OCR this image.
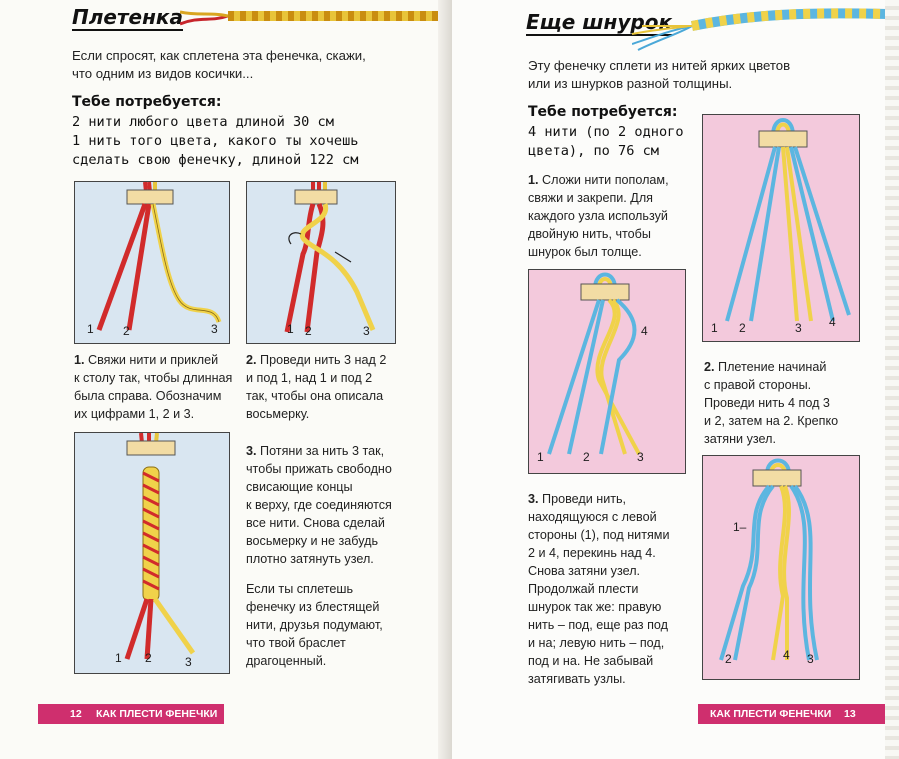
Плетенка
Если спросят, как сплетена эта фенечка, скажи,
что одним из видов косички...
Тебе потребуется:
2 нити любого цвета длиной 30 см
1 нить того цвета, какого ты хочешь
сделать свою фенечку, длиной 122 см
1 2	3	1 2	3
1. Свяжи нити и приклей
к столу так, чтобы длинная
была справа. Обозначим
их цифрами 1, 2 и 3.
2. Проведи нить 3 над 2
и под 1, над 1 и под 2
так, чтобы она описала
восьмерку.
1 2	3
3. Потяни за нить 3 так,
чтобы прижать свободно
свисающие концы
к верху, где соединяются
все нити. Снова сделай
восьмерку и не забудь
плотно затянуть узел.
Если ты сплетешь
фенечку из блестящей
нити, друзья подумают,
что твой браслет
драгоценный.
12 КАК ПЛЕСТИ ФЕНЕЧКИ
Еще шнурок
Эту фенечку сплети из нитей ярких цветов
или из шнурков разной толщины.
Тебе потребуется:
4 нити (по 2 одного
цвета), по 76 см
1. Сложи нити пополам,
свяжи и закрепи. Для
каждого узла используй
двойную нить, чтобы
шнурок был толще.
1 2	3 4
1	2	3
4
2. Плетение начинай
с правой стороны.
Проведи нить 4 под 3
и 2, затем на 2. Крепко
затяни узел.
1–
2	4 3
3. Проведи нить,
находящуюся с левой
стороны (1), под нитями
2 и 4, перекинь над 4.
Снова затяни узел.
Продолжай плести
шнурок так же: правую
нить – под, еще раз под
и на; левую нить – под,
под и на. Не забывай
затягивать узлы.
КАК ПЛЕСТИ ФЕНЕЧКИ 13
